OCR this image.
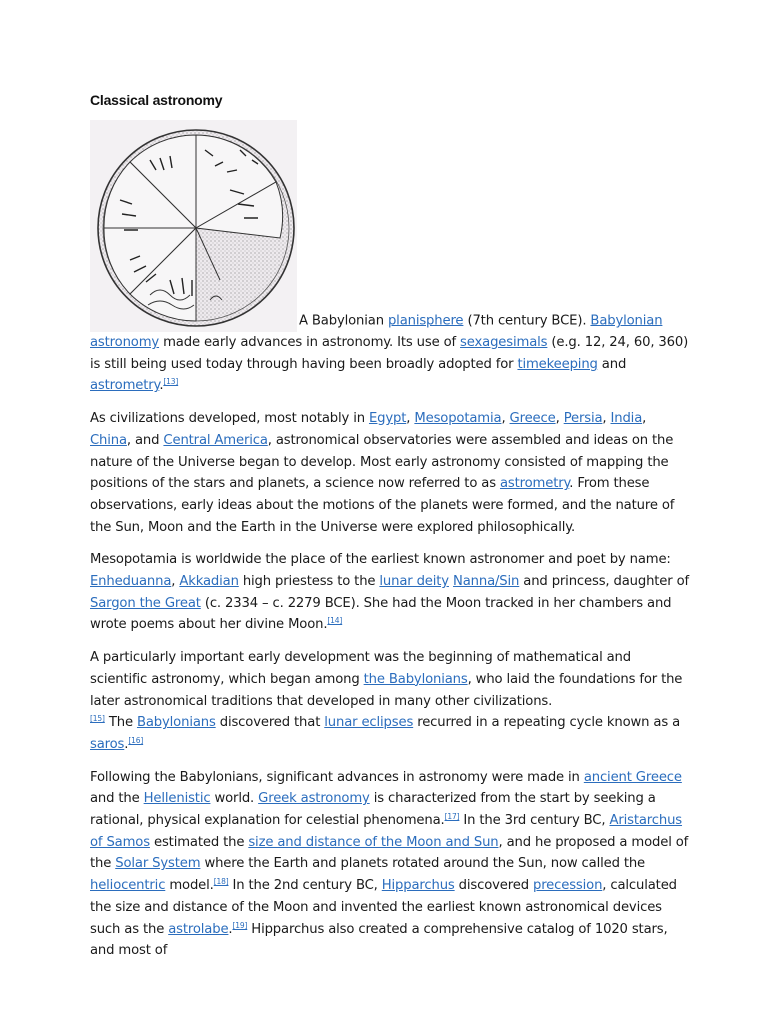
Classical astronomy

A Babylonian planisphere (7th century BCE). Babylonian astronomy made early advances in astronomy. Its use of sexagesimals (e.g. 12, 24, 60, 360) is still being used today through having been broadly adopted for timekeeping and astrometry.[13]

As civilizations developed, most notably in Egypt, Mesopotamia, Greece, Persia, India, China, and Central America, astronomical observatories were assembled and ideas on the nature of the Universe began to develop. Most early astronomy consisted of mapping the positions of the stars and planets, a science now referred to as astrometry. From these observations, early ideas about the motions of the planets were formed, and the nature of the Sun, Moon and the Earth in the Universe were explored philosophically.

Mesopotamia is worldwide the place of the earliest known astronomer and poet by name: Enheduanna, Akkadian high priestess to the lunar deity Nanna/Sin and princess, daughter of Sargon the Great (c. 2334 – c. 2279 BCE). She had the Moon tracked in her chambers and wrote poems about her divine Moon.[14]

A particularly important early development was the beginning of mathematical and scientific astronomy, which began among the Babylonians, who laid the foundations for the later astronomical traditions that developed in many other civilizations.
[15] The Babylonians discovered that lunar eclipses recurred in a repeating cycle known as a saros.[16]

Following the Babylonians, significant advances in astronomy were made in ancient Greece and the Hellenistic world. Greek astronomy is characterized from the start by seeking a rational, physical explanation for celestial phenomena.[17] In the 3rd century BC, Aristarchus of Samos estimated the size and distance of the Moon and Sun, and he proposed a model of the Solar System where the Earth and planets rotated around the Sun, now called the heliocentric model.[18] In the 2nd century BC, Hipparchus discovered precession, calculated the size and distance of the Moon and invented the earliest known astronomical devices such as the astrolabe.[19] Hipparchus also created a comprehensive catalog of 1020 stars, and most of
